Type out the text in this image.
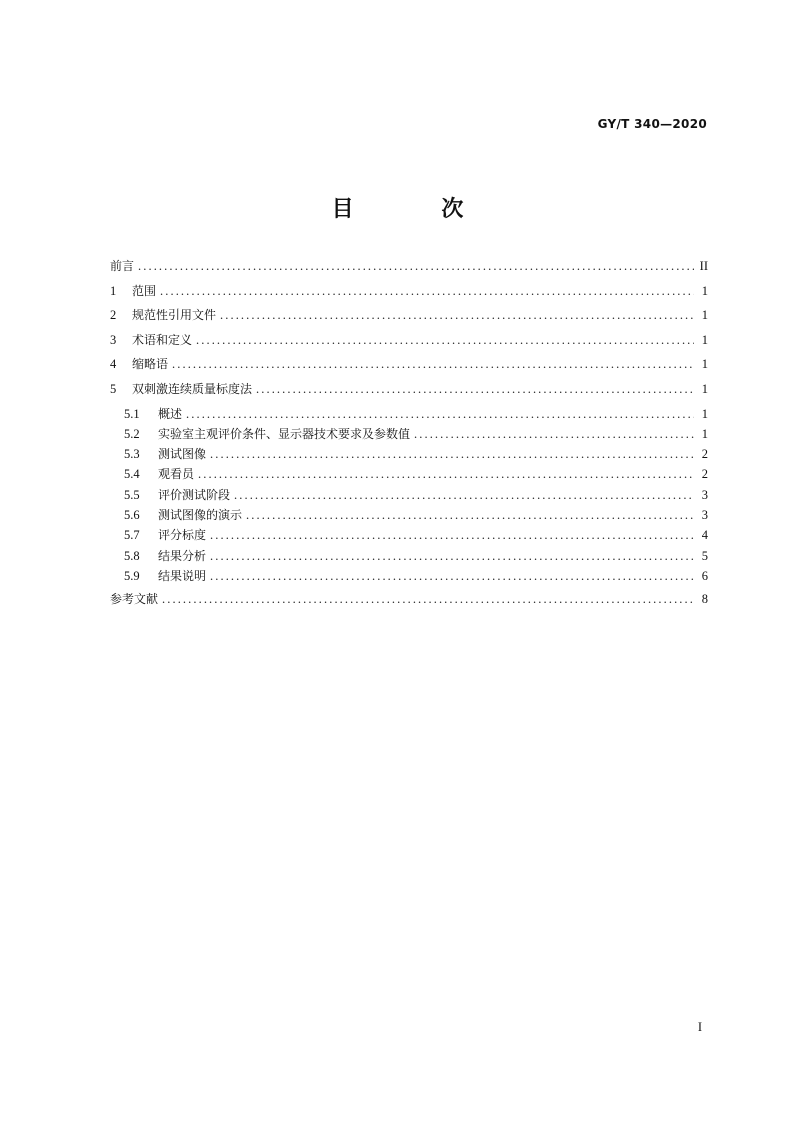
GY/T 340—2020
目 次
前言 .....	II
1	范围 .....	1
2	规范性引用文件 .....	1
3	术语和定义 .....	1
4	缩略语 .....	1
5	双刺激连续质量标度法 .....	1
5.1	概述 .....	1
5.2	实验室主观评价条件、显示器技术要求及参数值 .....	1
5.3	测试图像 .....	2
5.4	观看员 .....	2
5.5	评价测试阶段 .....	3
5.6	测试图像的演示 .....	3
5.7	评分标度 .....	4
5.8	结果分析 .....	5
5.9	结果说明 .....	6
参考文献 .....	8
I
